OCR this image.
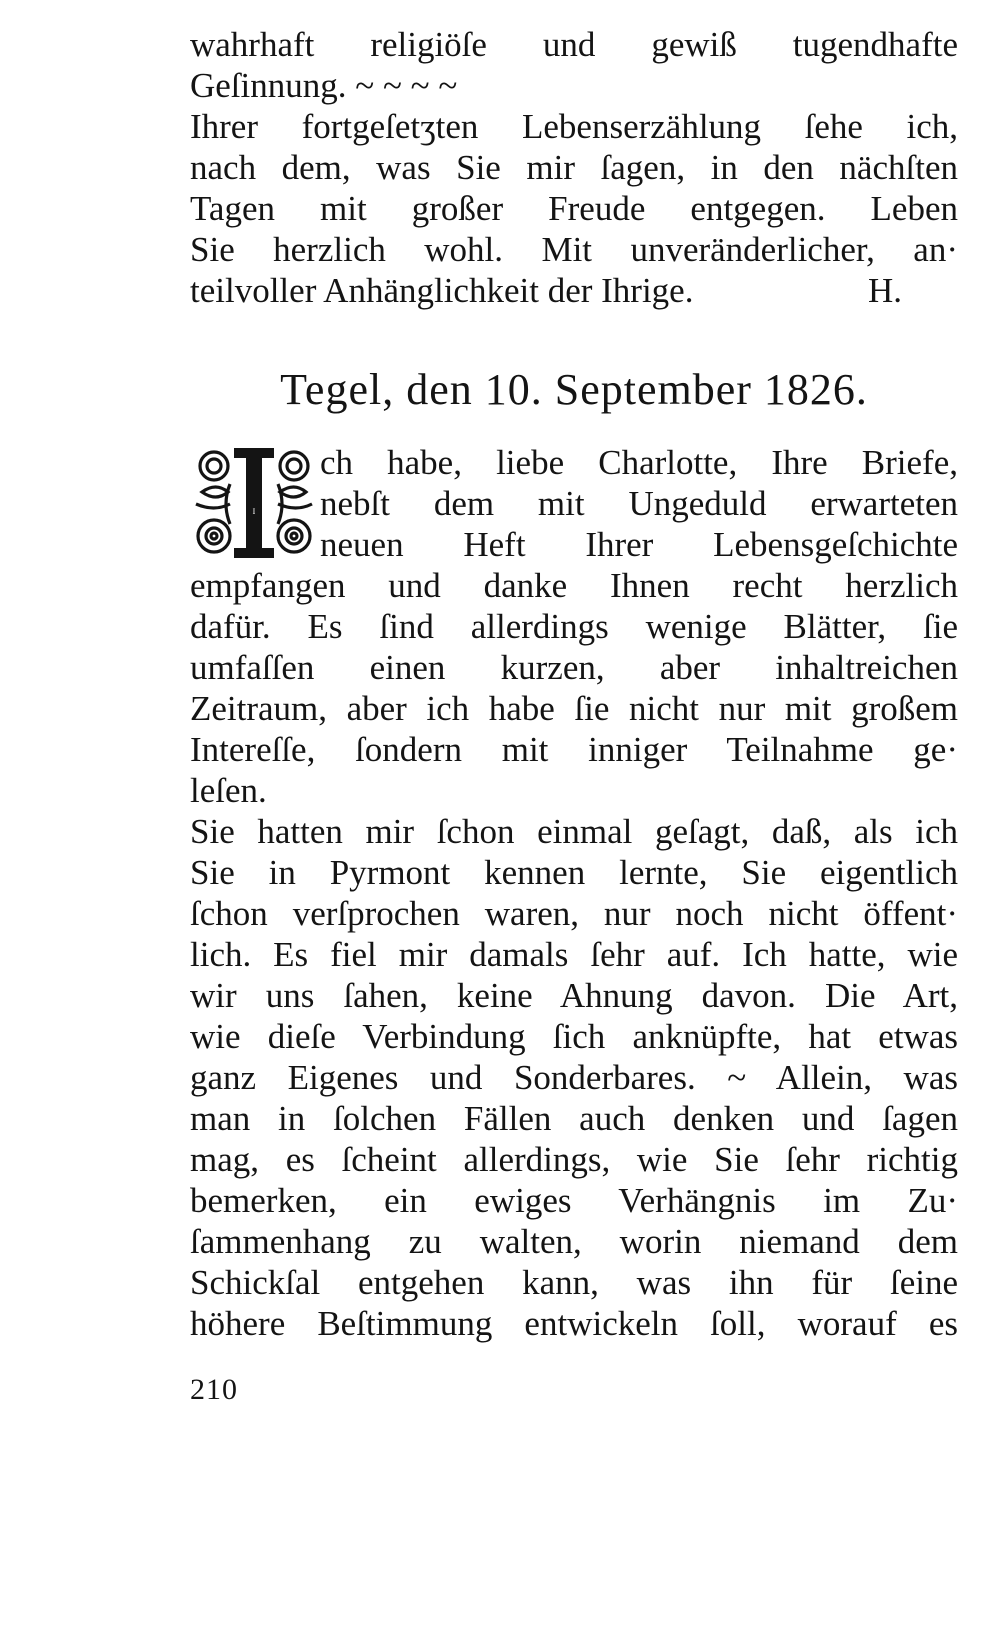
wahrhaft religiöſe und gewiß tugendhafte
Geſinnung. ~ ~ ~ ~
Ihrer fortgeſetʒten Lebenserzählung ſehe ich,
nach dem, was Sie mir ſagen, in den nächſten
Tagen mit großer Freude entgegen. Leben
Sie herzlich wohl. Mit unveränderlicher, an·
teilvoller Anhänglichkeit der Ihrige.	H.
Tegel, den 10. September 1826.
I
ch habe, liebe Charlotte, Ihre Briefe,
nebſt dem mit Ungeduld erwarteten
neuen Heft Ihrer Lebensgeſchichte
empfangen und danke Ihnen recht herzlich
dafür. Es ſind allerdings wenige Blätter, ſie
umfaſſen einen kurzen, aber inhaltreichen
Zeitraum, aber ich habe ſie nicht nur mit großem
Intereſſe, ſondern mit inniger Teilnahme ge·
leſen.
Sie hatten mir ſchon einmal geſagt, daß, als ich
Sie in Pyrmont kennen lernte, Sie eigentlich
ſchon verſprochen waren, nur noch nicht öffent·
lich. Es fiel mir damals ſehr auf. Ich hatte, wie
wir uns ſahen, keine Ahnung davon. Die Art,
wie dieſe Verbindung ſich anknüpfte, hat etwas
ganz Eigenes und Sonderbares. ~ Allein, was
man in ſolchen Fällen auch denken und ſagen
mag, es ſcheint allerdings, wie Sie ſehr richtig
bemerken, ein ewiges Verhängnis im Zu·
ſammenhang zu walten, worin niemand dem
Schickſal entgehen kann, was ihn für ſeine
höhere Beſtimmung entwickeln ſoll, worauf es
210
